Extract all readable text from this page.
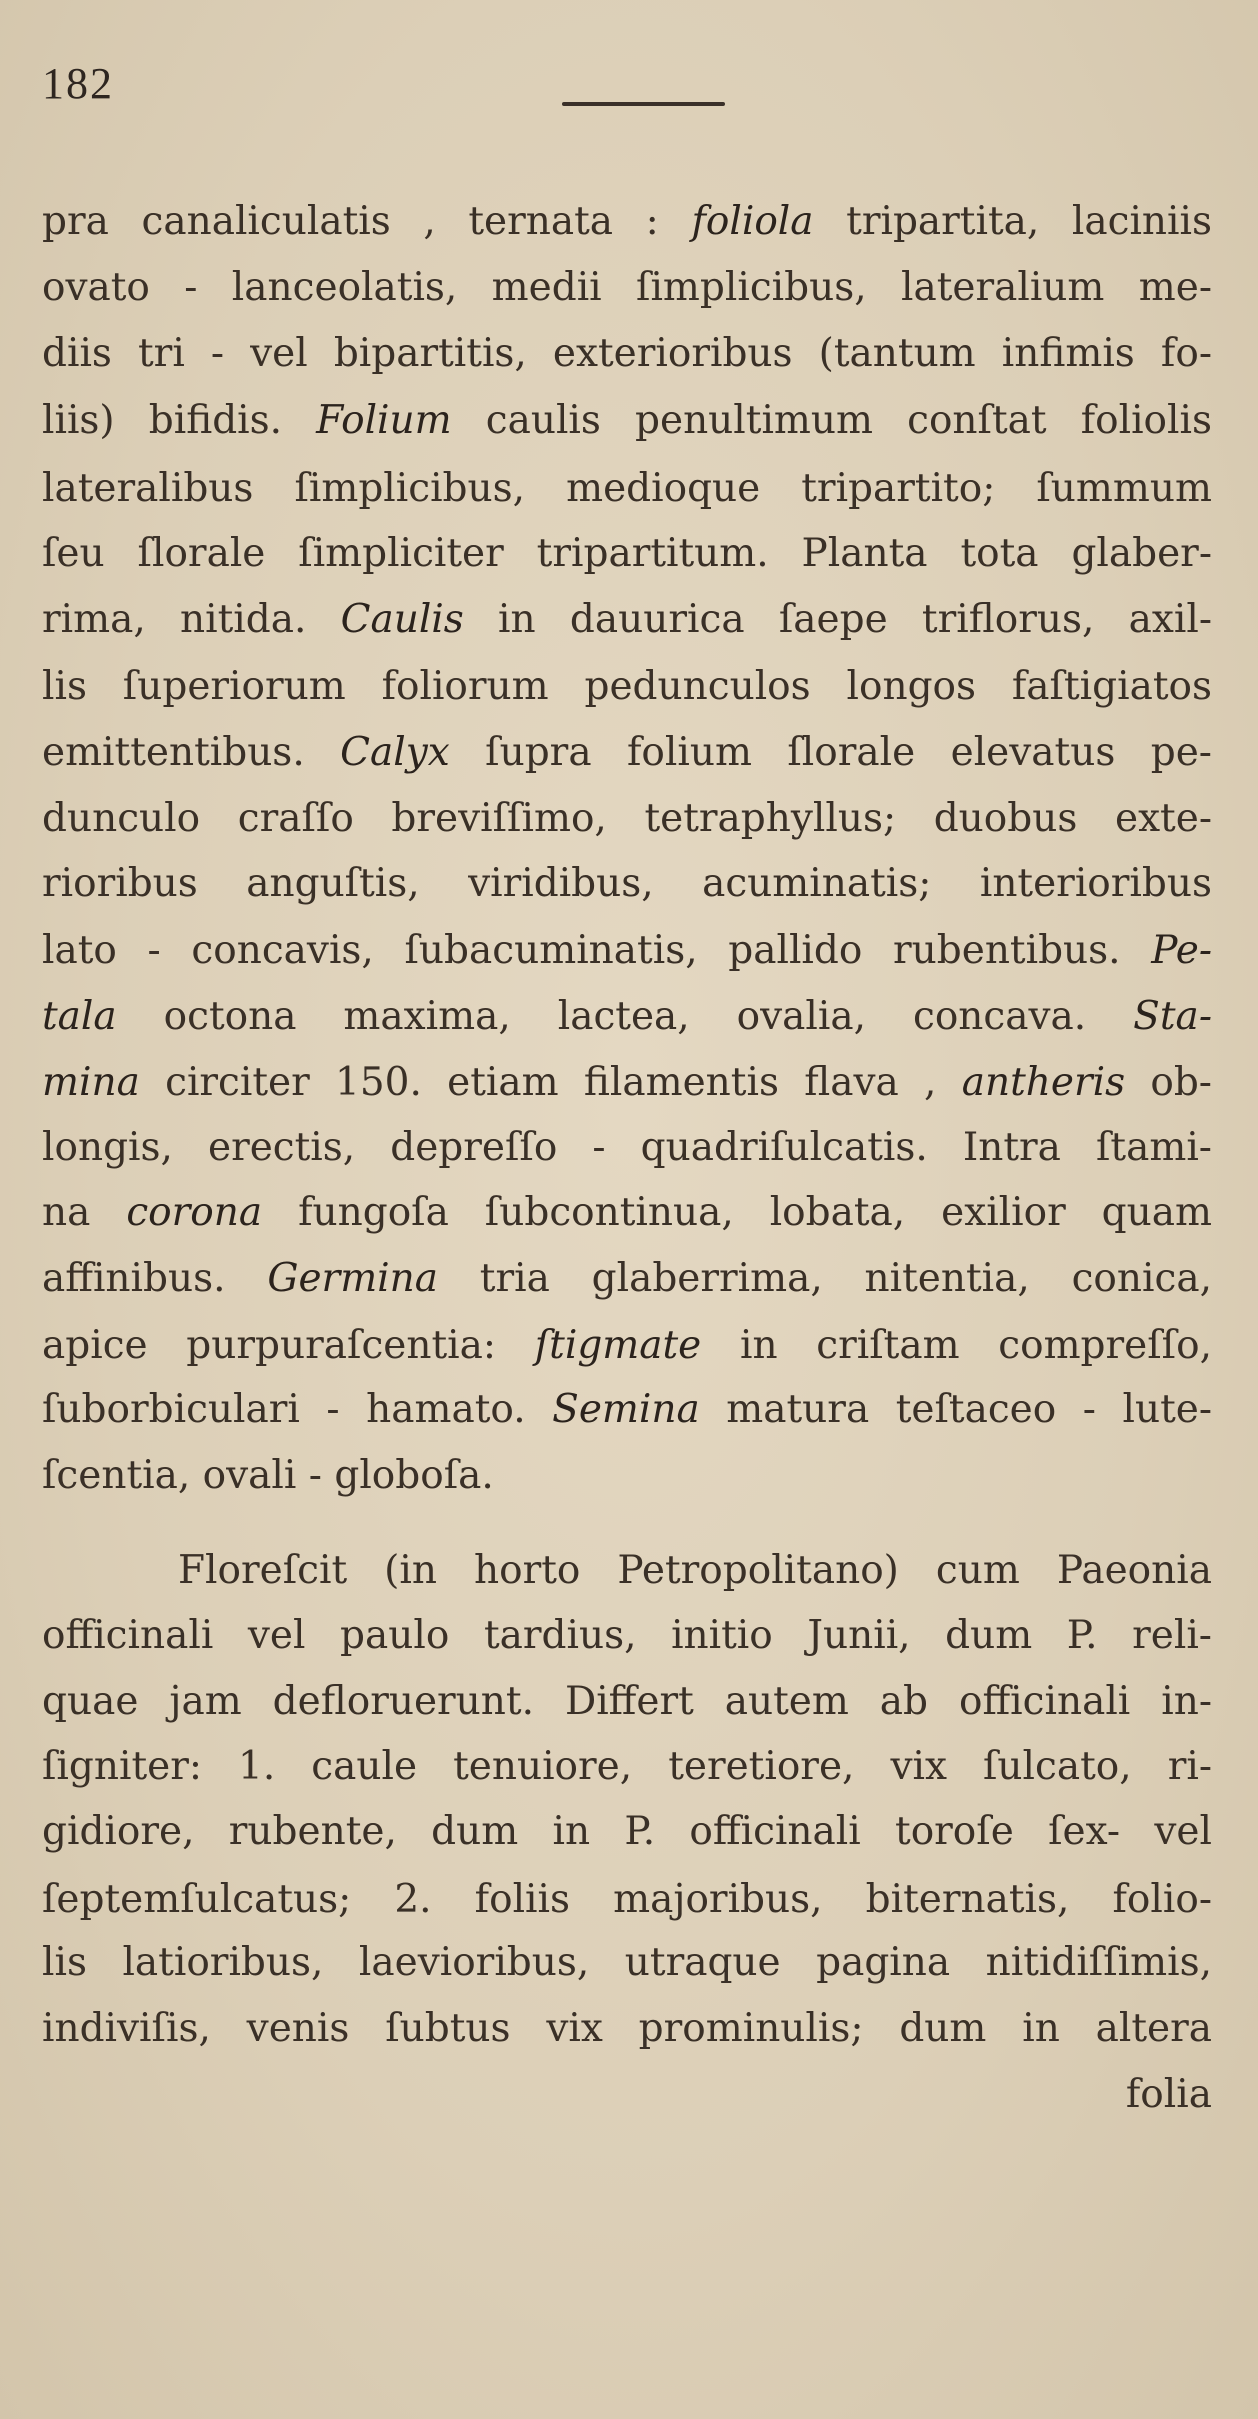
182

pra canaliculatis , ternata : foliola tripartita, laciniis
ovato - lanceolatis, medii ſimplicibus, lateralium me-
diis tri - vel bipartitis, exterioribus (tantum infimis fo-
liis) bifidis. Folium caulis penultimum conſtat foliolis
lateralibus ſimplicibus, medioque tripartito; ſummum
ſeu ſlorale ſimpliciter tripartitum. Planta tota glaber-
rima, nitida. Caulis in dauurica ſaepe triflorus, axil-
lis ſuperiorum foliorum pedunculos longos faſtigiatos
emittentibus. Calyx ſupra folium ſlorale elevatus pe-
dunculo craſſo breviſſimo, tetraphyllus; duobus exte-
rioribus anguſtis, viridibus, acuminatis; interioribus
lato - concavis, ſubacuminatis, pallido rubentibus. Pe-
tala octona maxima, lactea, ovalia, concava. Sta-
mina circiter 150. etiam filamentis flava , antheris ob-
longis, erectis, depreſſo - quadriſulcatis. Intra ſtami-
na corona fungoſa ſubcontinua, lobata, exilior quam
affinibus. Germina tria glaberrima, nitentia, conica,
apice purpuraſcentia: ſtigmate in criſtam compreſſo,
ſuborbiculari - hamato. Semina matura teſtaceo - lute-
ſcentia, ovali - globoſa.
Floreſcit (in horto Petropolitano) cum Paeonia
officinali vel paulo tardius, initio Junii, dum P. reli-
quae jam defloruerunt. Differt autem ab officinali in-
ſigniter: 1. caule tenuiore, teretiore, vix ſulcato, ri-
gidiore, rubente, dum in P. officinali toroſe ſex- vel
ſeptemſulcatus; 2. foliis majoribus, biternatis, folio-
lis latioribus, laevioribus, utraque pagina nitidiſſimis,
indiviſis, venis ſubtus vix prominulis; dum in altera
folia
